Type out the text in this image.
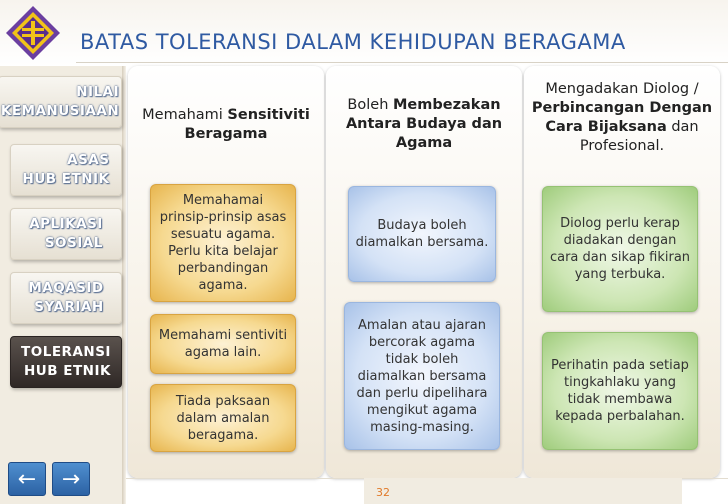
BATAS TOLERANSI DALAM KEHIDUPAN BERAGAMA
NILAI
KEMANUSIAAN
ASAS
HUB ETNIK
APLIKASI
SOSIAL
MAQASID
SYARIAH
TOLERANSI
HUB ETNIK
←	→
Memahami Sensitiviti Beragama
Memahamai prinsip-prinsip asas sesuatu agama. Perlu kita belajar perbandingan agama.
Memahami sentiviti agama lain.
Tiada paksaan dalam amalan beragama.
Boleh Membezakan Antara Budaya dan Agama
Budaya boleh diamalkan bersama.
Amalan atau ajaran bercorak agama tidak boleh diamalkan bersama dan perlu dipelihara mengikut agama masing-masing.
Mengadakan Diolog / Perbincangan Dengan Cara Bijaksana dan Profesional.
Diolog perlu kerap diadakan dengan cara dan sikap fikiran yang terbuka.
Perihatin pada setiap tingkahlaku yang tidak membawa kepada perbalahan.
32
